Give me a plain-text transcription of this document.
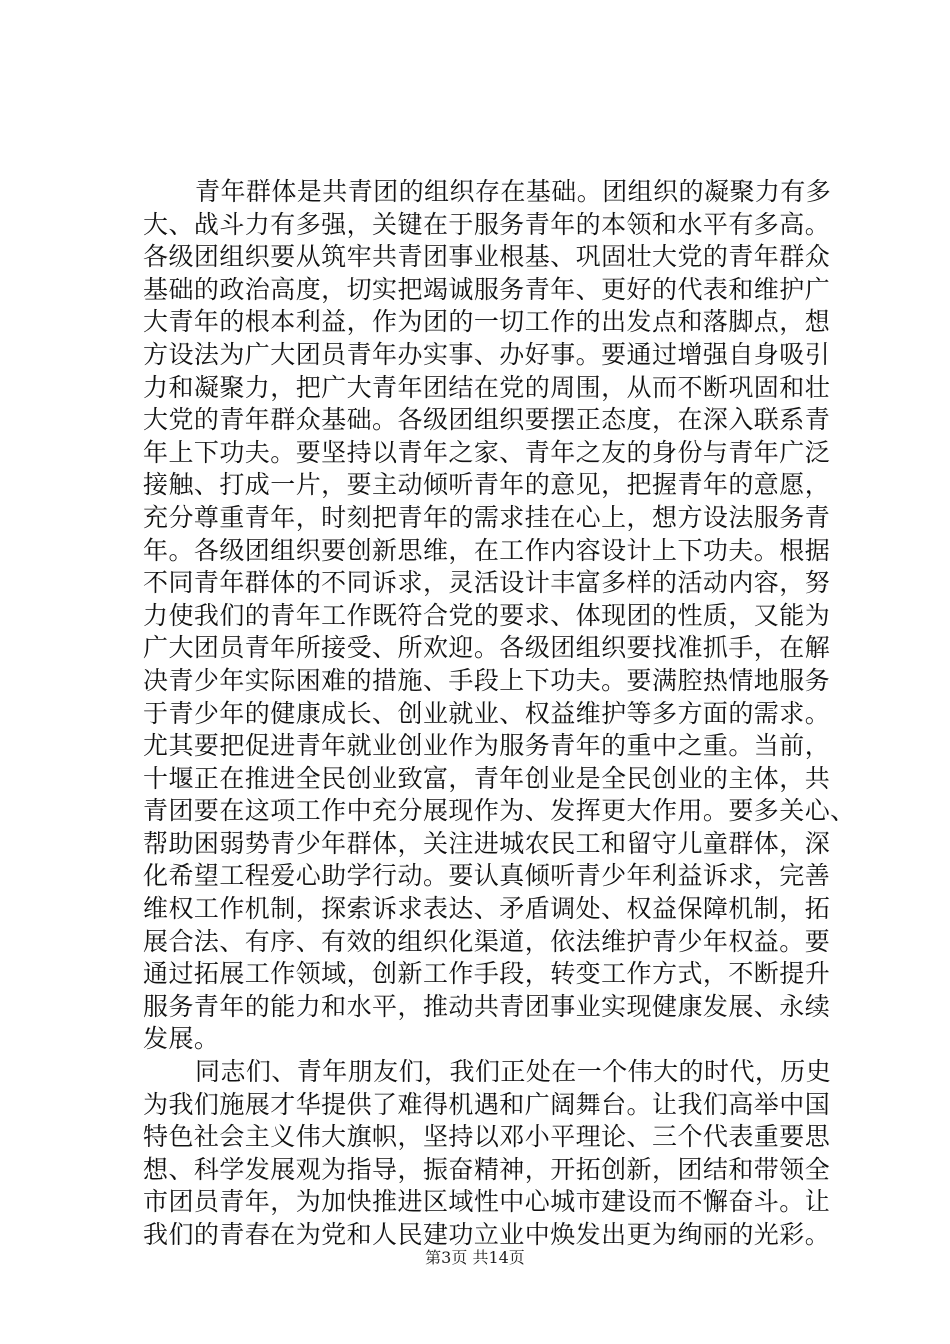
青年群体是共青团的组织存在基础。团组织的凝聚力有多
大、战斗力有多强，关键在于服务青年的本领和水平有多高。
各级团组织要从筑牢共青团事业根基、巩固壮大党的青年群众
基础的政治高度，切实把竭诚服务青年、更好的代表和维护广
大青年的根本利益，作为团的一切工作的出发点和落脚点，想
方设法为广大团员青年办实事、办好事。要通过增强自身吸引
力和凝聚力，把广大青年团结在党的周围，从而不断巩固和壮
大党的青年群众基础。各级团组织要摆正态度，在深入联系青
年上下功夫。要坚持以青年之家、青年之友的身份与青年广泛
接触、打成一片，要主动倾听青年的意见，把握青年的意愿，
充分尊重青年，时刻把青年的需求挂在心上，想方设法服务青
年。各级团组织要创新思维，在工作内容设计上下功夫。根据
不同青年群体的不同诉求，灵活设计丰富多样的活动内容，努
力使我们的青年工作既符合党的要求、体现团的性质，又能为
广大团员青年所接受、所欢迎。各级团组织要找准抓手，在解
决青少年实际困难的措施、手段上下功夫。要满腔热情地服务
于青少年的健康成长、创业就业、权益维护等多方面的需求。
尤其要把促进青年就业创业作为服务青年的重中之重。当前，
十堰正在推进全民创业致富，青年创业是全民创业的主体，共
青团要在这项工作中充分展现作为、发挥更大作用。要多关心、
帮助困弱势青少年群体，关注进城农民工和留守儿童群体，深
化希望工程爱心助学行动。要认真倾听青少年利益诉求，完善
维权工作机制，探索诉求表达、矛盾调处、权益保障机制，拓
展合法、有序、有效的组织化渠道，依法维护青少年权益。要
通过拓展工作领域，创新工作手段，转变工作方式，不断提升
服务青年的能力和水平，推动共青团事业实现健康发展、永续
发展。
同志们、青年朋友们，我们正处在一个伟大的时代，历史
为我们施展才华提供了难得机遇和广阔舞台。让我们高举中国
特色社会主义伟大旗帜，坚持以邓小平理论、三个代表重要思
想、科学发展观为指导，振奋精神，开拓创新，团结和带领全
市团员青年，为加快推进区域性中心城市建设而不懈奋斗。让
我们的青春在为党和人民建功立业中焕发出更为绚丽的光彩。
第3页 共14页
